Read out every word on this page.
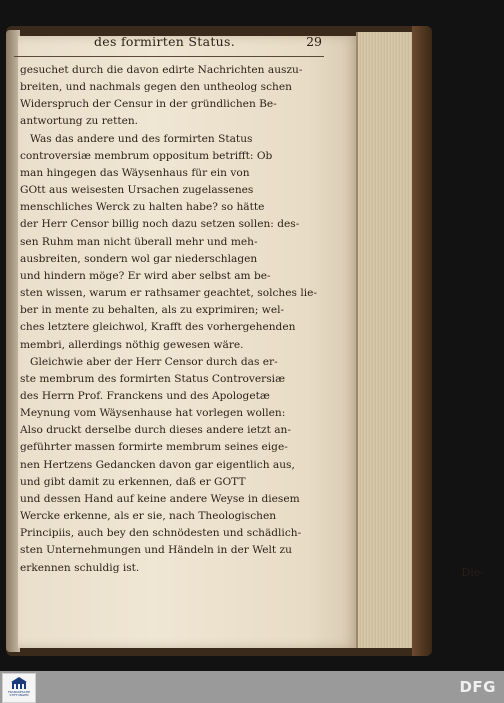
des formirten Status.	29
gesuchet durch die davon edirte Nachrichten auszu-
breiten, und nachmals gegen den untheolog schen
Widerspruch der Censur in der gründlichen Be-
antwortung zu retten.
Was das andere und des formirten Status
controversiæ membrum oppositum betrifft: Ob
man hingegen das Wäysenhaus für ein von
GOtt aus weisesten Ursachen zugelassenes
menschliches Werck zu halten habe? so hätte
der Herr Censor billig noch dazu setzen sollen: des-
sen Ruhm man nicht überall mehr und meh-
ausbreiten, sondern wol gar niederschlagen
und hindern möge? Er wird aber selbst am be-
sten wissen, warum er rathsamer geachtet, solches lie-
ber in mente zu behalten, als zu exprimiren; wel-
ches letztere gleichwol, Krafft des vorhergehenden
membri, allerdings nöthig gewesen wäre.
Gleichwie aber der Herr Censor durch das er-
ste membrum des formirten Status Controversiæ
des Herrn Prof. Franckens und des Apologetæ
Meynung vom Wäysenhause hat vorlegen wollen:
Also druckt derselbe durch dieses andere ietzt an-
geführter massen formirte membrum seines eige-
nen Hertzens Gedancken davon gar eigentlich aus,
und gibt damit zu erkennen, daß er GOTT
und dessen Hand auf keine andere Weyse in diesem
Wercke erkenne, als er sie, nach Theologischen
Principiis, auch bey den schnödesten und schädlich-
sten Unternehmungen und Händeln in der Welt zu
erkennen schuldig ist.	Die-
FRANCKESCHE STIFTUNGEN	DFG
